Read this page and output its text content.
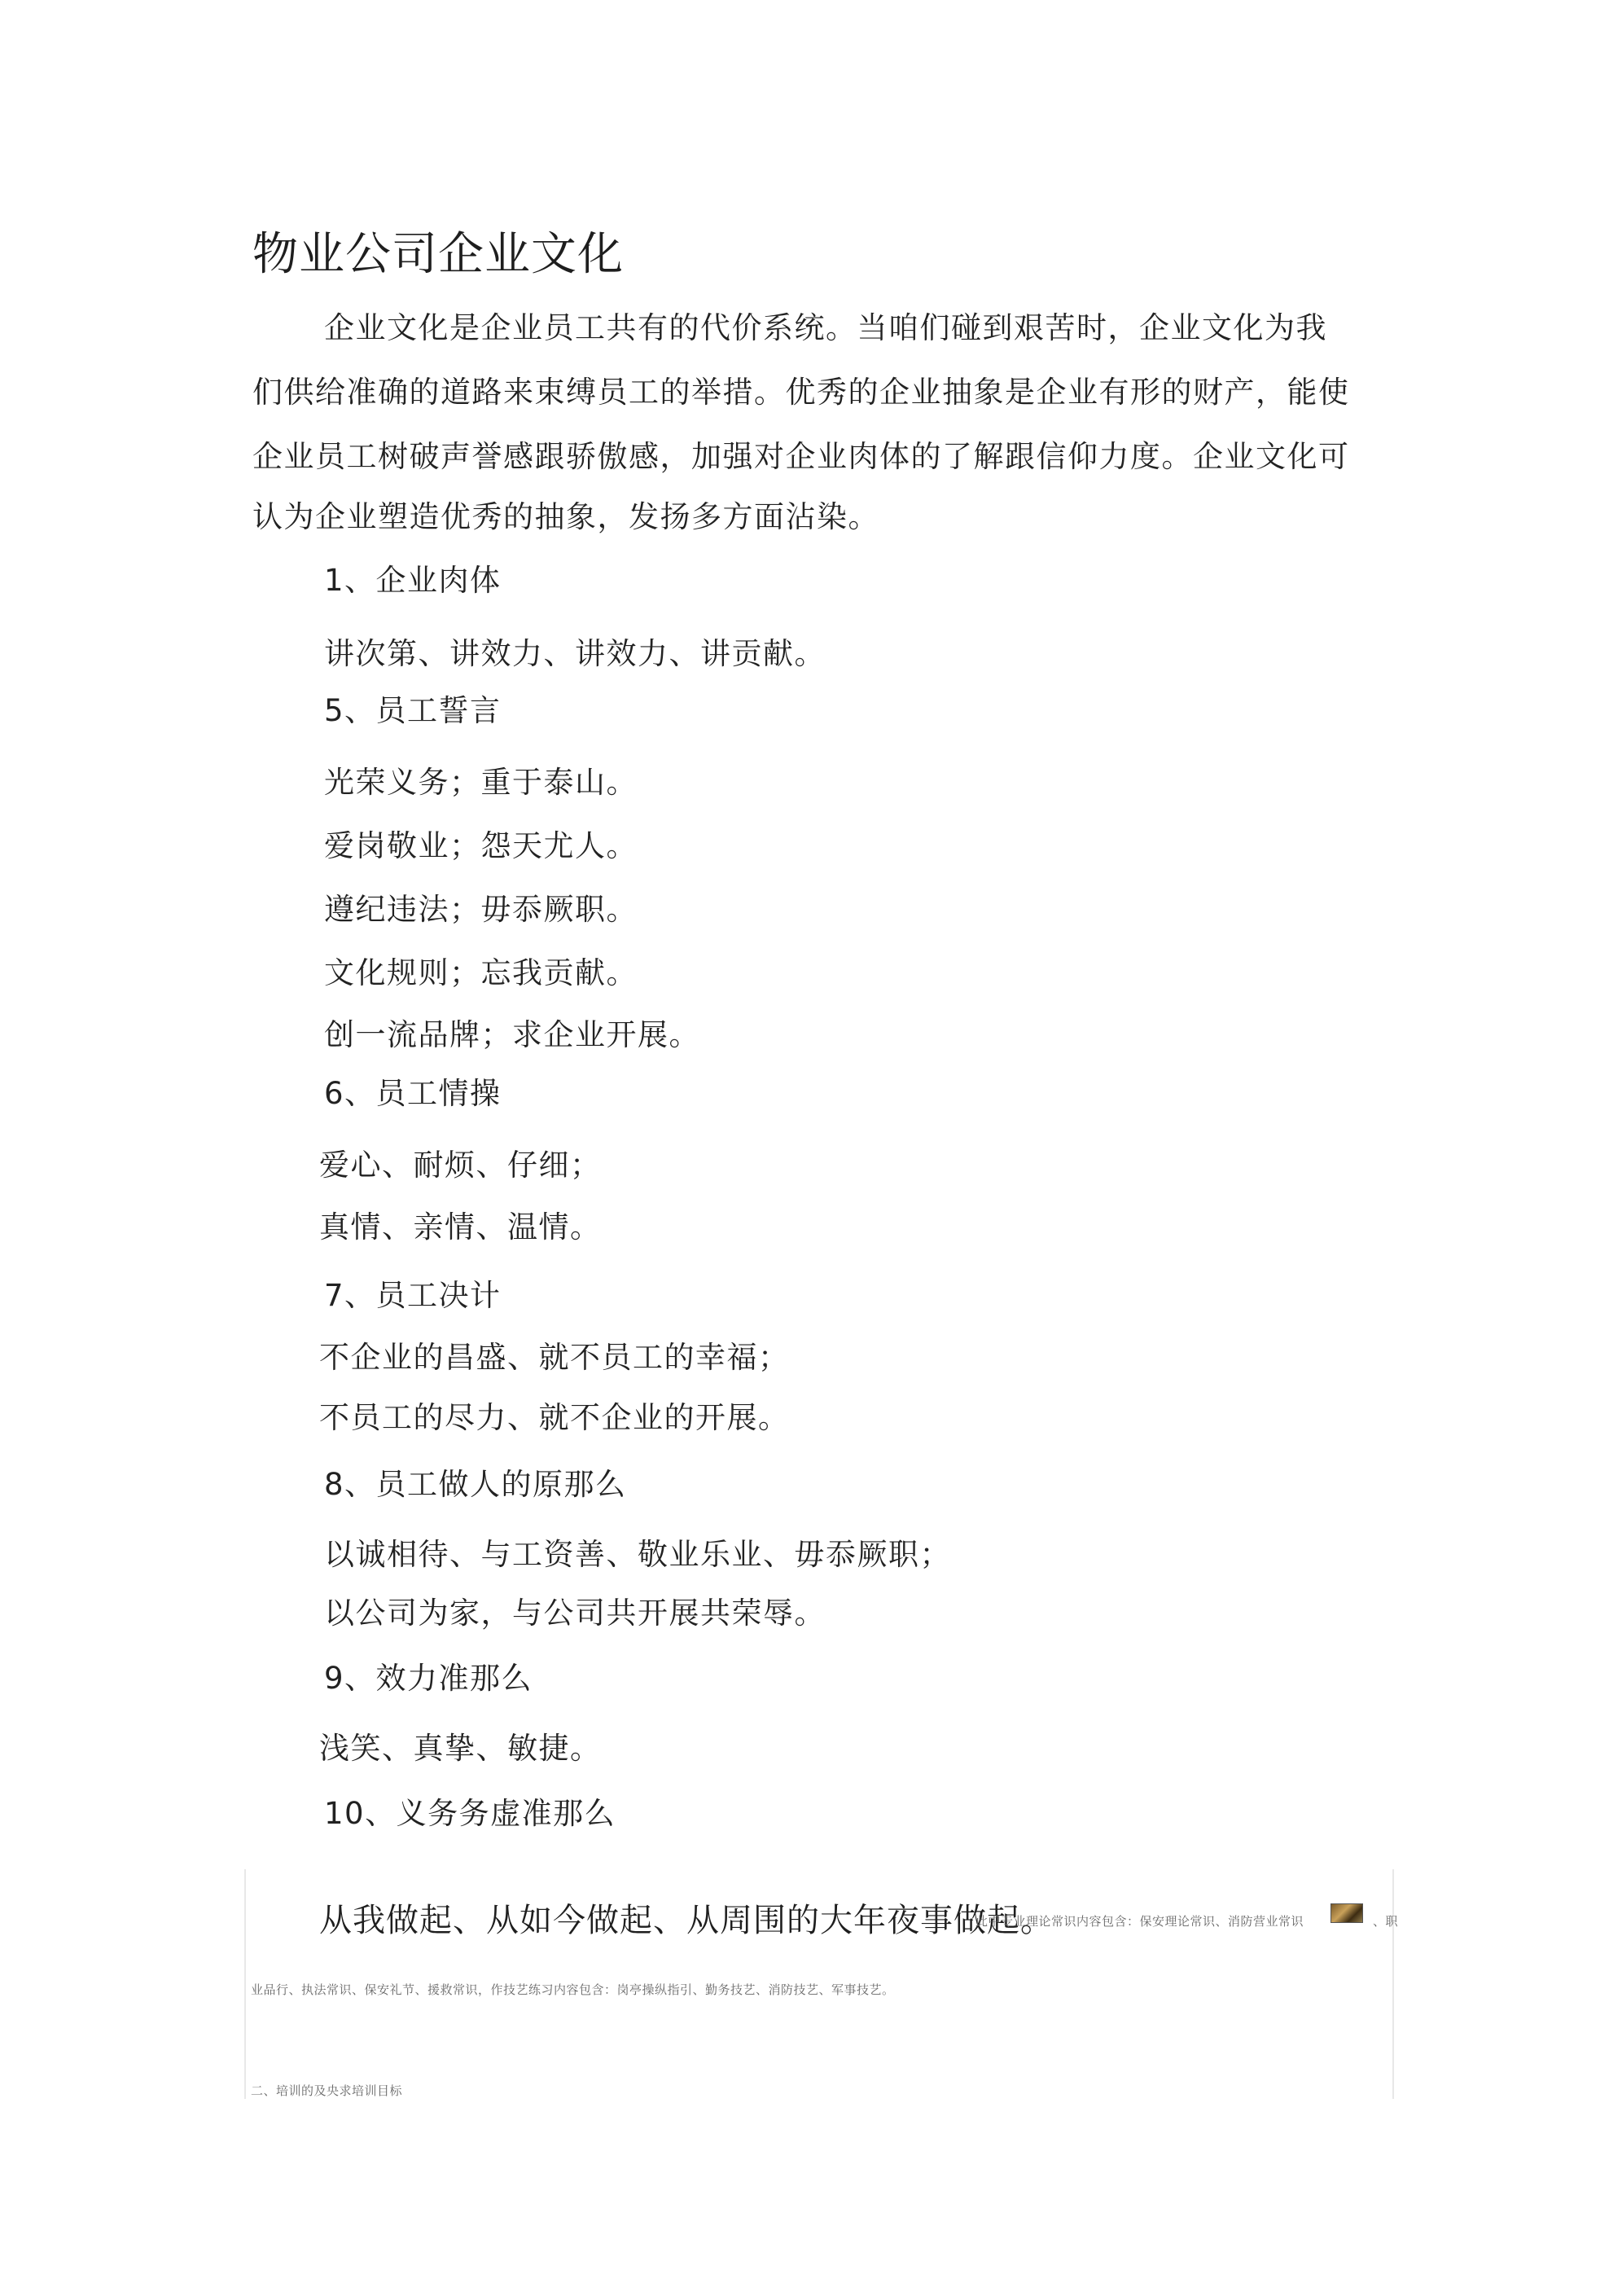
物业公司企业文化

企业文化是企业员工共有的代价系统。当咱们碰到艰苦时，企业文化为我

们供给准确的道路来束缚员工的举措。优秀的企业抽象是企业有形的财产，能使

企业员工树破声誉感跟骄傲感，加强对企业肉体的了解跟信仰力度。企业文化可

认为企业塑造优秀的抽象，发扬多方面沾染。

1、企业肉体

讲次第、讲效力、讲效力、讲贡献。

5、员工誓言

光荣义务；重于泰山。

爱岗敬业；怨天尤人。

遵纪违法；毋忝厥职。

文化规则；忘我贡献。

创一流品牌；求企业开展。

6、员工情操

爱心、耐烦、仔细；

真情、亲情、温情。

7、员工决计

不企业的昌盛、就不员工的幸福；

不员工的尽力、就不企业的开展。

8、员工做人的原那么

以诚相待、与工资善、敬业乐业、毋忝厥职；

以公司为家，与公司共开展共荣辱。

9、效力准那么

浅笑、真挚、敏捷。

10、义务务虚准那么

从我做起、从如今做起、从周围的大年夜事做起。

此中专业理论常识内容包含：保安理论常识、消防营业常识	、职

业品行、执法常识、保安礼节、援救常识，作技艺练习内容包含：岗亭操纵指引、勤务技艺、消防技艺、军事技艺。

二、培训的及央求培训目标
